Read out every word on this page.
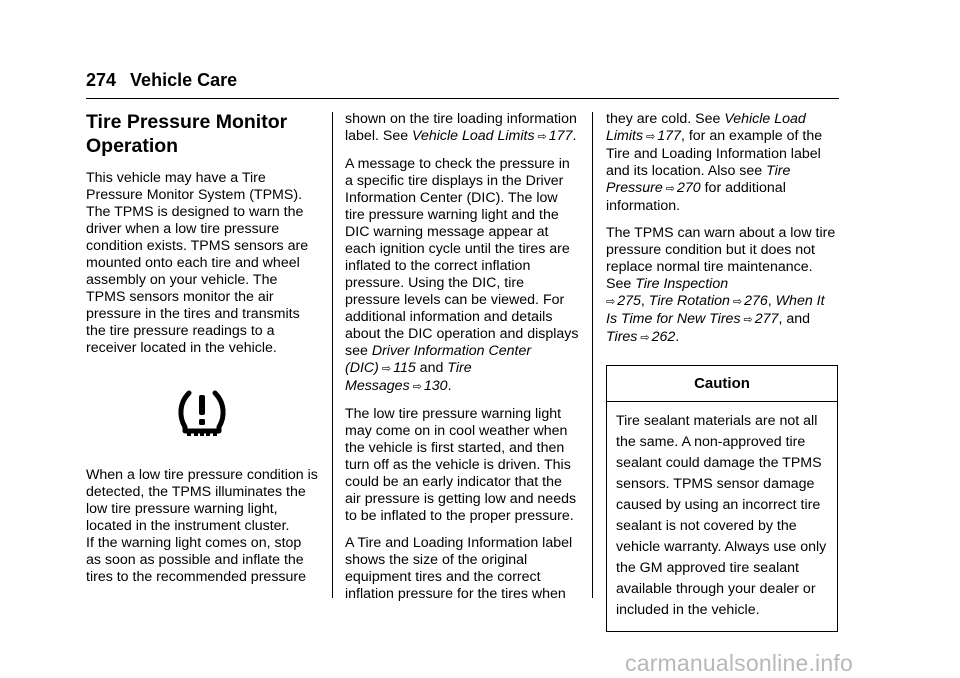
274 Vehicle Care
Tire Pressure Monitor Operation

This vehicle may have a Tire Pressure Monitor System (TPMS). The TPMS is designed to warn the driver when a low tire pressure condition exists. TPMS sensors are mounted onto each tire and wheel assembly on your vehicle. The TPMS sensors monitor the air pressure in the tires and transmits the tire pressure readings to a receiver located in the vehicle.

When a low tire pressure condition is detected, the TPMS illuminates the low tire pressure warning light, located in the instrument cluster.

If the warning light comes on, stop as soon as possible and inflate the tires to the recommended pressure

shown on the tire loading information label. See Vehicle Load Limits ⇨ 177.

A message to check the pressure in a specific tire displays in the Driver Information Center (DIC). The low tire pressure warning light and the DIC warning message appear at each ignition cycle until the tires are inflated to the correct inflation pressure. Using the DIC, tire pressure levels can be viewed. For additional information and details about the DIC operation and displays see Driver Information Center (DIC) ⇨ 115 and Tire Messages ⇨ 130.

The low tire pressure warning light may come on in cool weather when the vehicle is first started, and then turn off as the vehicle is driven. This could be an early indicator that the air pressure is getting low and needs to be inflated to the proper pressure.

A Tire and Loading Information label shows the size of the original equipment tires and the correct inflation pressure for the tires when

they are cold. See Vehicle Load Limits ⇨ 177, for an example of the Tire and Loading Information label and its location. Also see Tire Pressure ⇨ 270 for additional information.

The TPMS can warn about a low tire pressure condition but it does not replace normal tire maintenance. See Tire Inspection
⇨ 275, Tire Rotation ⇨ 276, When It Is Time for New Tires ⇨ 277, and Tires ⇨ 262.

Caution
Tire sealant materials are not all the same. A non-approved tire sealant could damage the TPMS sensors. TPMS sensor damage caused by using an incorrect tire sealant is not covered by the vehicle warranty. Always use only the GM approved tire sealant available through your dealer or included in the vehicle.
carmanualsonline.info
